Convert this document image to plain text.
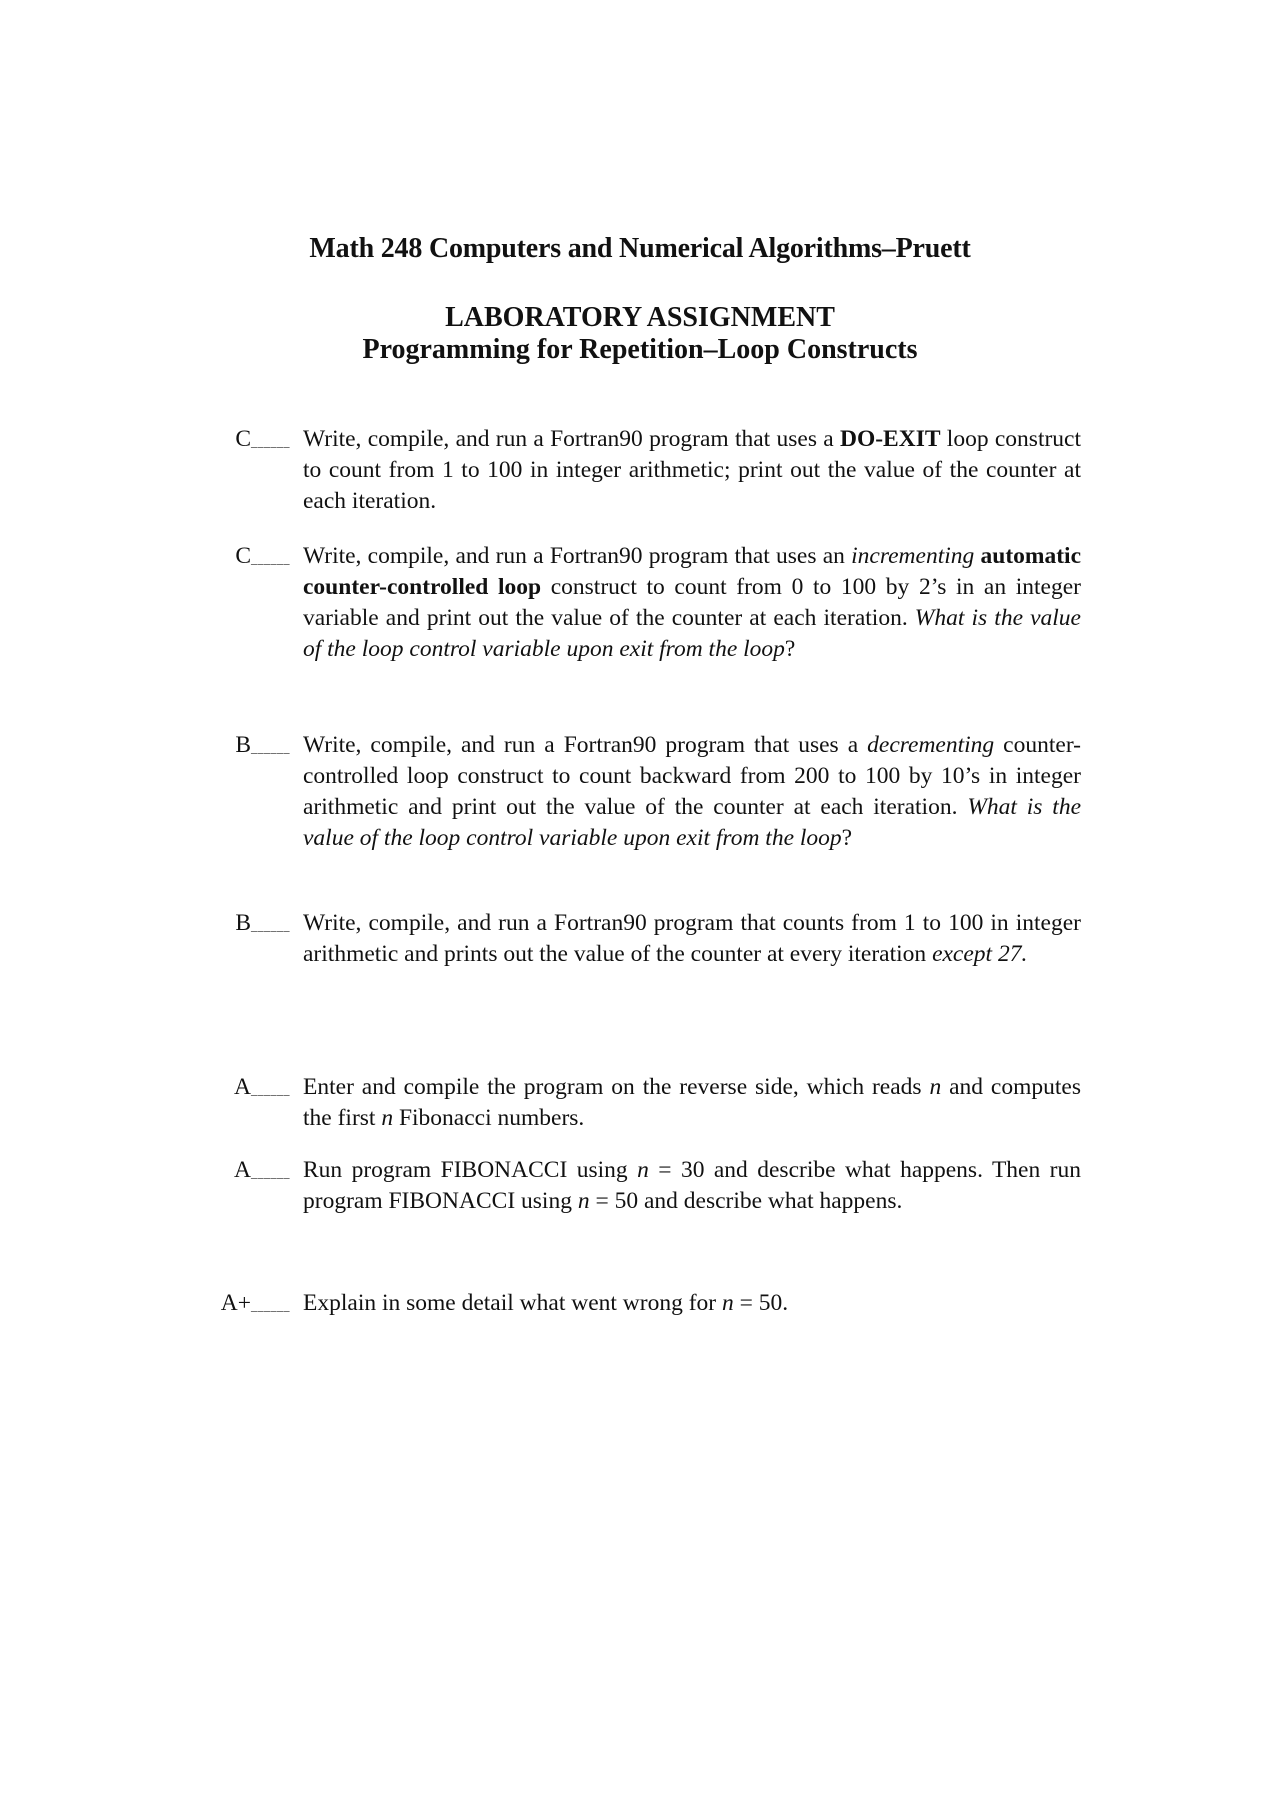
Math 248 Computers and Numerical Algorithms–Pruett
LABORATORY ASSIGNMENT
Programming for Repetition–Loop Constructs
C______ Write, compile, and run a Fortran90 program that uses a DO-EXIT loop construct to count from 1 to 100 in integer arithmetic; print out the value of the counter at each iteration.
C______ Write, compile, and run a Fortran90 program that uses an incrementing automatic counter-controlled loop construct to count from 0 to 100 by 2’s in an integer variable and print out the value of the counter at each iteration. What is the value of the loop control variable upon exit from the loop?
B______ Write, compile, and run a Fortran90 program that uses a decrementing counter-controlled loop construct to count backward from 200 to 100 by 10’s in integer arithmetic and print out the value of the counter at each iteration. What is the value of the loop control variable upon exit from the loop?
B______ Write, compile, and run a Fortran90 program that counts from 1 to 100 in integer arithmetic and prints out the value of the counter at every iteration except 27.
A______ Enter and compile the program on the reverse side, which reads n and computes the first n Fibonacci numbers.
A______ Run program FIBONACCI using n = 30 and describe what happens. Then run program FIBONACCI using n = 50 and describe what happens.
A+______ Explain in some detail what went wrong for n = 50.
